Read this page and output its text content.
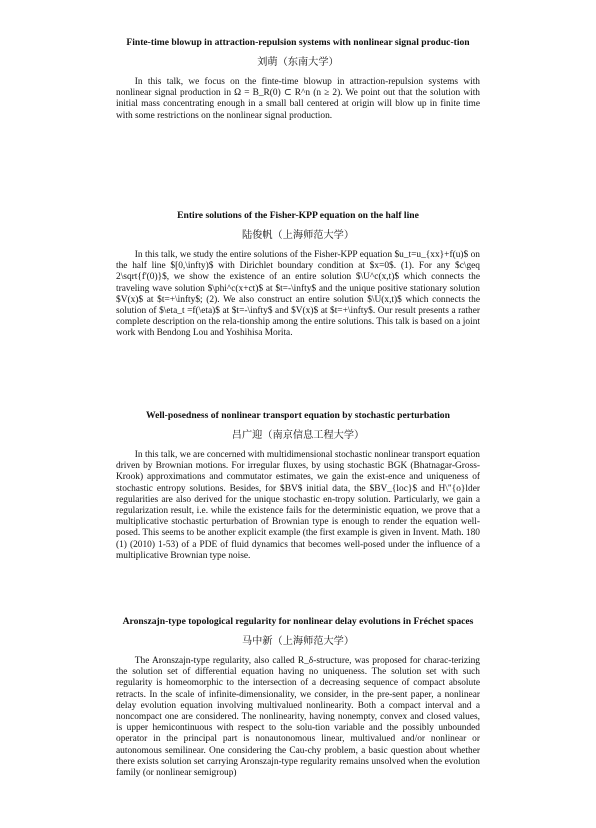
Finte-time blowup in attraction-repulsion systems with nonlinear signal produc-tion

刘萌（东南大学）

In this talk, we focus on the finte-time blowup in attraction-repulsion systems with nonlinear signal production in Ω = B_R(0) ⊂ R^n (n ≥ 2). We point out that the solution with initial mass concentrating enough in a small ball centered at origin will blow up in finite time with some restrictions on the nonlinear signal production.

Entire solutions of the Fisher-KPP equation on the half line

陆俊帆（上海师范大学）

In this talk, we study the entire solutions of the Fisher-KPP equation $u_t=u_{xx}+f(u)$ on the half line $[0,\infty)$ with Dirichlet boundary condition at $x=0$. (1). For any $c\geq 2\sqrt{f'(0)}$, we show the existence of an entire solution $\U^c(x,t)$ which connects the traveling wave solution $\phi^c(x+ct)$ at $t=-\infty$ and the unique positive stationary solution $V(x)$ at $t=+\infty$; (2). We also construct an entire solution $\U(x,t)$ which connects the solution of $\eta_t =f(\eta)$ at $t=-\infty$ and $V(x)$ at $t=+\infty$. Our result presents a rather complete description on the rela-tionship among the entire solutions. This talk is based on a joint work with Bendong Lou and Yoshihisa Morita.

Well-posedness of nonlinear transport equation by stochastic perturbation

吕广迎（南京信息工程大学）

In this talk, we are concerned with multidimensional stochastic nonlinear transport equation driven by Brownian motions. For irregular fluxes, by using stochastic BGK (Bhatnagar-Gross-Krook) approximations and commutator estimates, we gain the exist-ence and uniqueness of stochastic entropy solutions. Besides, for $BV$ initial data, the $BV_{loc}$ and H\"{o}lder regularities are also derived for the unique stochastic en-tropy solution. Particularly, we gain a regularization result, i.e. while the existence fails for the deterministic equation, we prove that a multiplicative stochastic perturbation of Brownian type is enough to render the equation well-posed. This seems to be another explicit example (the first example is given in Invent. Math. 180 (1) (2010) 1-53) of a PDE of fluid dynamics that becomes well-posed under the influence of a multiplicative Brownian type noise.

Aronszajn-type topological regularity for nonlinear delay evolutions in Fréchet spaces

马中新（上海师范大学）

The Aronszajn-type regularity, also called R_δ-structure, was proposed for charac-terizing the solution set of differential equation having no uniqueness. The solution set with such regularity is homeomorphic to the intersection of a decreasing sequence of compact absolute retracts. In the scale of infinite-dimensionality, we consider, in the pre-sent paper, a nonlinear delay evolution equation involving multivalued nonlinearity. Both a compact interval and a noncompact one are considered. The nonlinearity, having nonempty, convex and closed values, is upper hemicontinuous with respect to the solu-tion variable and the possibly unbounded operator in the principal part is nonautonomous linear, multivalued and/or nonlinear or autonomous semilinear. One considering the Cau-chy problem, a basic question about whether there exists solution set carrying Aronszajn-type regularity remains unsolved when the evolution family (or nonlinear semigroup)
